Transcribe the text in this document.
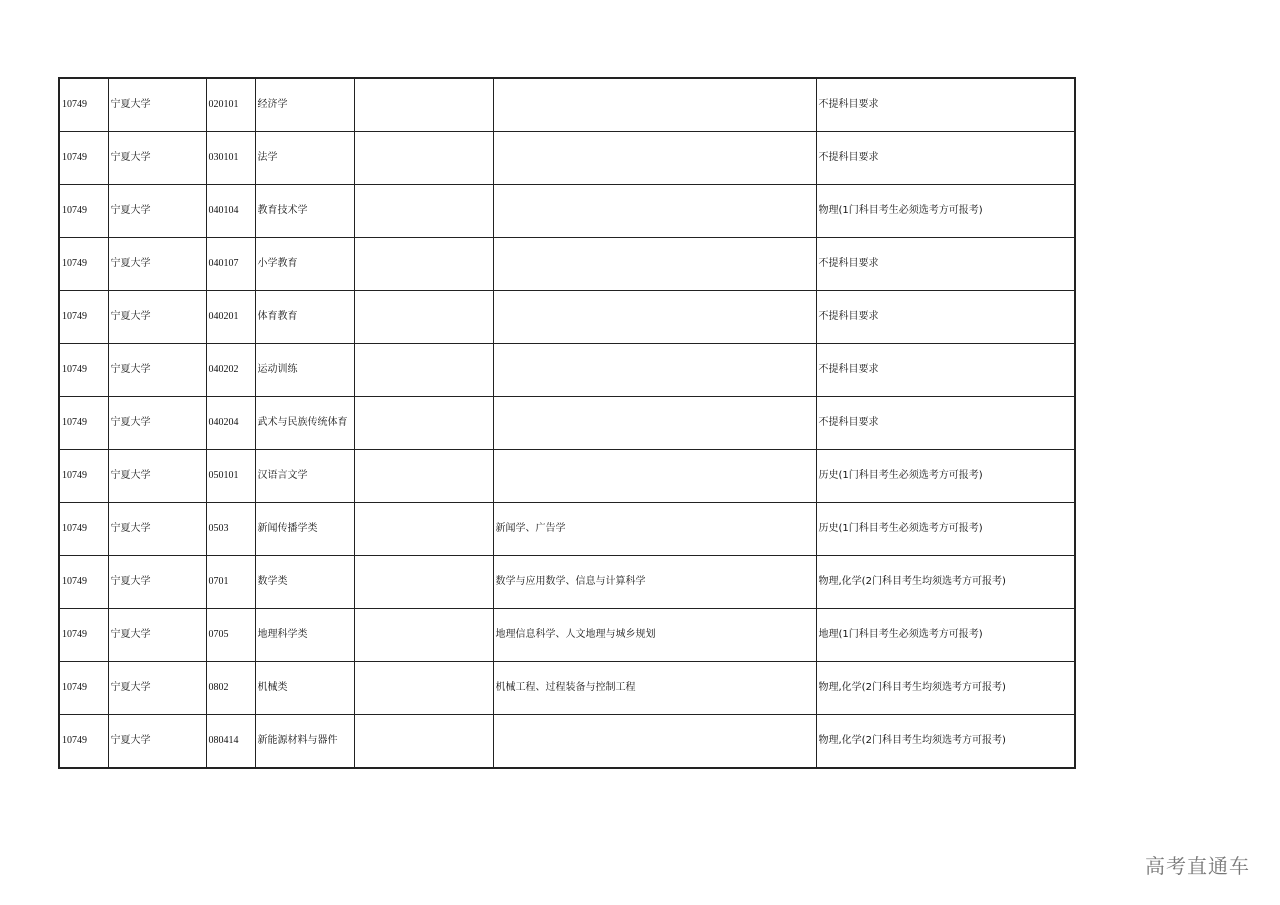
10749	宁夏大学	020101	经济学			不提科目要求
10749	宁夏大学	030101	法学			不提科目要求
10749	宁夏大学	040104	教育技术学			物理(1门科目考生必须选考方可报考)
10749	宁夏大学	040107	小学教育			不提科目要求
10749	宁夏大学	040201	体育教育			不提科目要求
10749	宁夏大学	040202	运动训练			不提科目要求
10749	宁夏大学	040204	武术与民族传统体育			不提科目要求
10749	宁夏大学	050101	汉语言文学			历史(1门科目考生必须选考方可报考)
10749	宁夏大学	0503	新闻传播学类		新闻学、广告学	历史(1门科目考生必须选考方可报考)
10749	宁夏大学	0701	数学类		数学与应用数学、信息与计算科学	物理,化学(2门科目考生均须选考方可报考)
10749	宁夏大学	0705	地理科学类		地理信息科学、人文地理与城乡规划	地理(1门科目考生必须选考方可报考)
10749	宁夏大学	0802	机械类		机械工程、过程装备与控制工程	物理,化学(2门科目考生均须选考方可报考)
10749	宁夏大学	080414	新能源材料与器件			物理,化学(2门科目考生均须选考方可报考)
高考直通车
